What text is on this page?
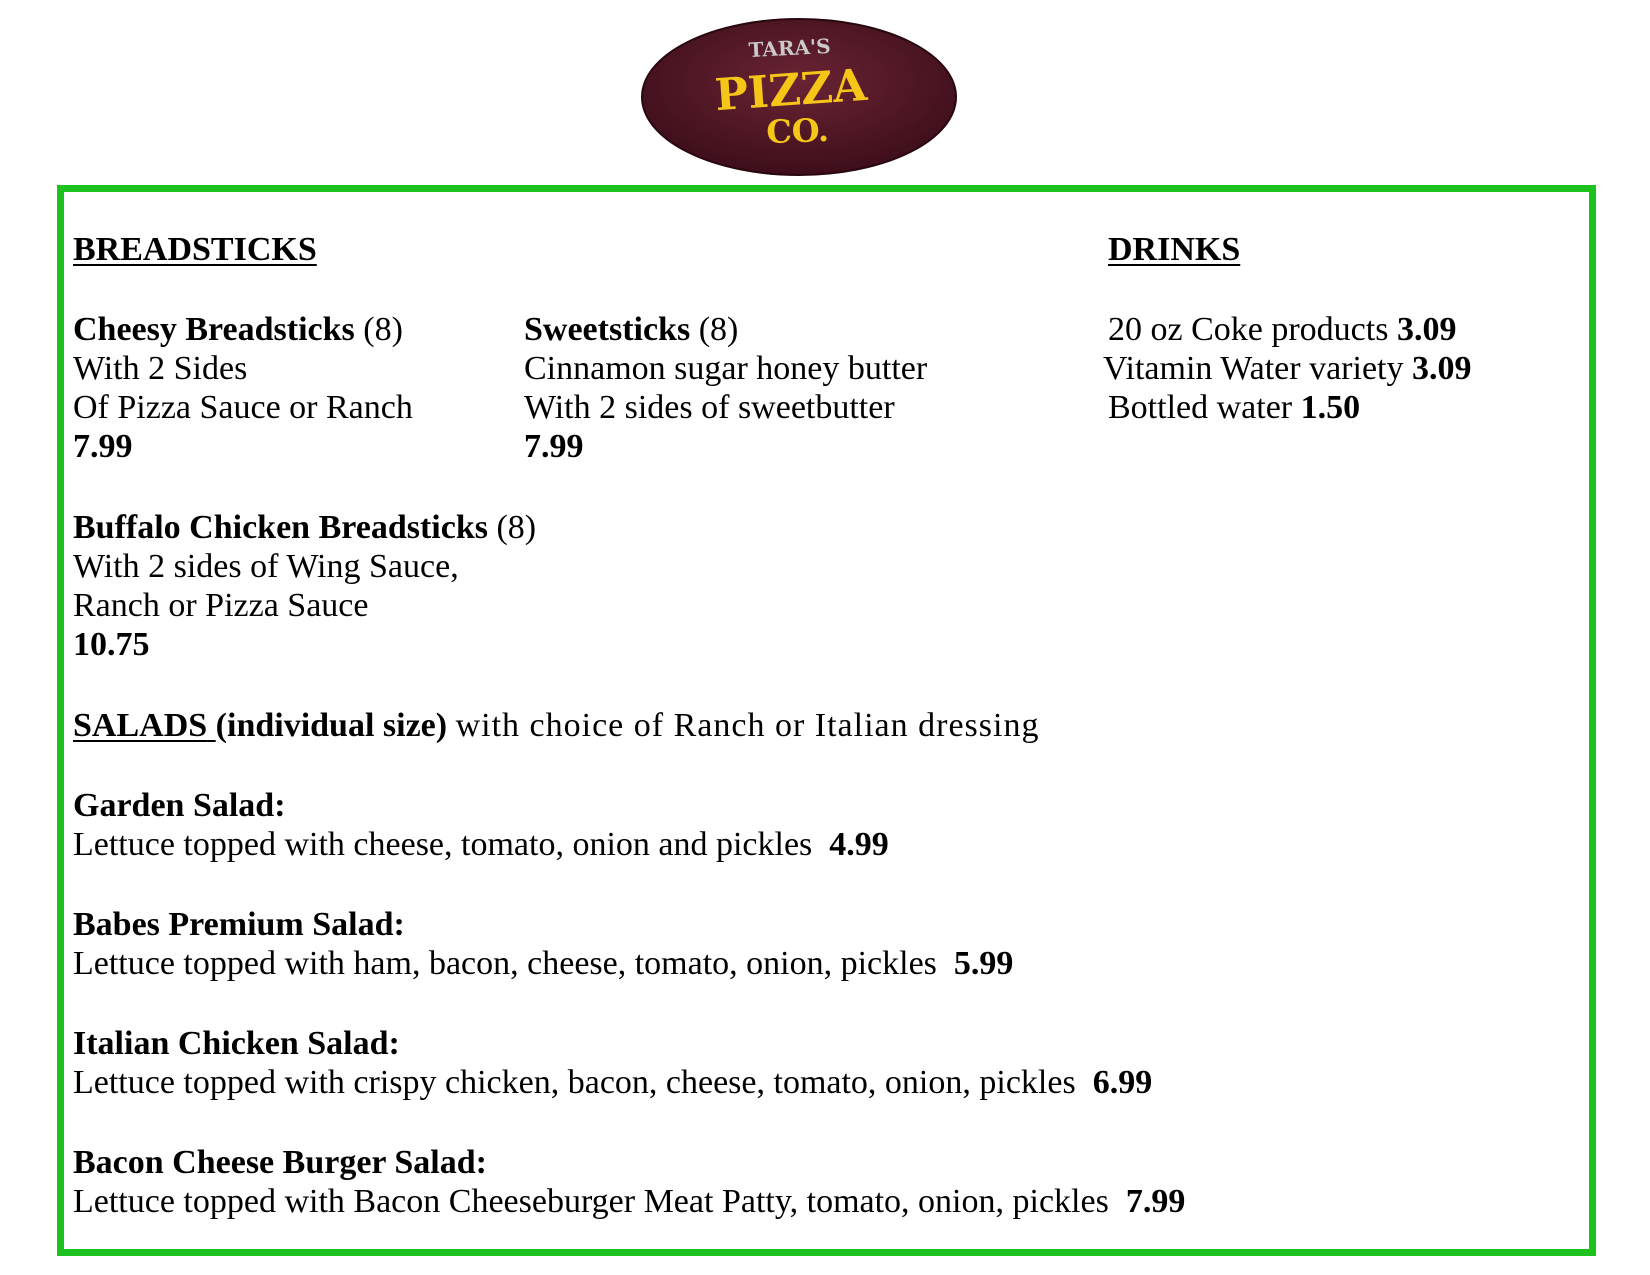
TARA'S
PIZZA
CO.
BREADSTICKS
Cheesy Breadsticks (8)
With 2 Sides
Of Pizza Sauce or Ranch
7.99
Sweetsticks (8)
Cinnamon sugar honey butter
With 2 sides of sweetbutter
7.99
Buffalo Chicken Breadsticks (8)
With 2 sides of Wing Sauce,
Ranch or Pizza Sauce
10.75
DRINKS
20 oz Coke products 3.09
Vitamin Water variety 3.09
Bottled water 1.50
SALADS (individual size) with choice of Ranch or Italian dressing
Garden Salad:
Lettuce topped with cheese, tomato, onion and pickles 4.99
Babes Premium Salad:
Lettuce topped with ham, bacon, cheese, tomato, onion, pickles 5.99
Italian Chicken Salad:
Lettuce topped with crispy chicken, bacon, cheese, tomato, onion, pickles 6.99
Bacon Cheese Burger Salad:
Lettuce topped with Bacon Cheeseburger Meat Patty, tomato, onion, pickles 7.99
